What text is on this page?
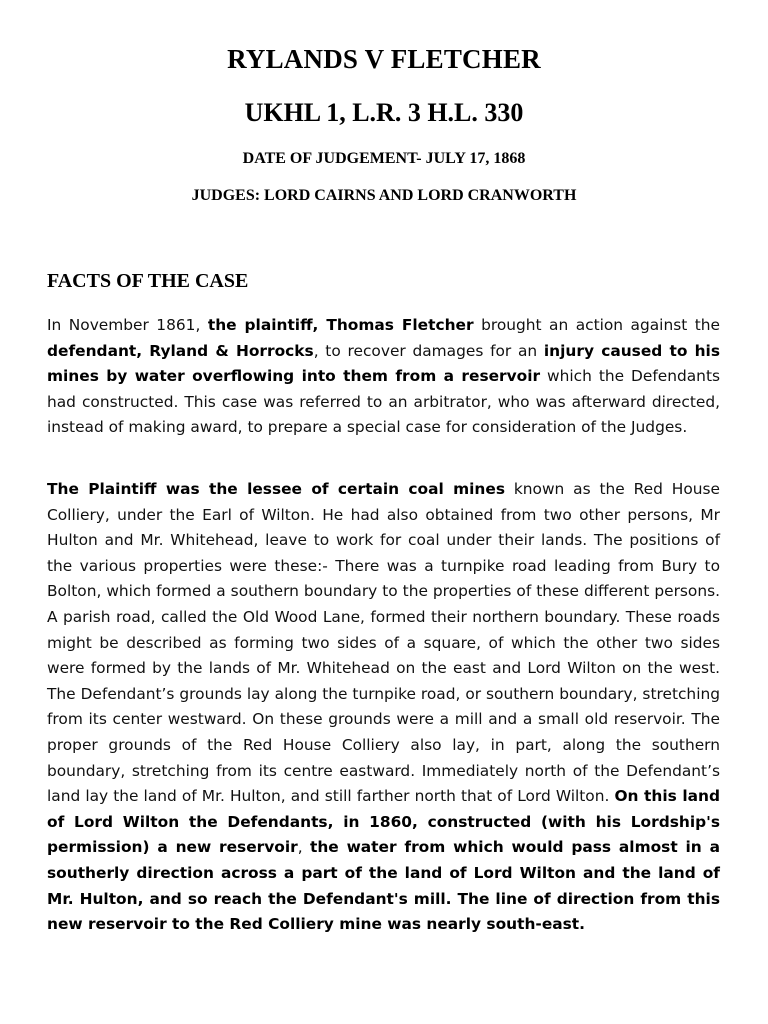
RYLANDS V FLETCHER
UKHL 1, L.R. 3 H.L. 330
DATE OF JUDGEMENT- JULY 17, 1868
JUDGES: LORD CAIRNS AND LORD CRANWORTH
FACTS OF THE CASE

In November 1861, the plaintiff, Thomas Fletcher brought an action against the defendant, Ryland & Horrocks, to recover damages for an injury caused to his mines by water overflowing into them from a reservoir which the Defendants had constructed. This case was referred to an arbitrator, who was afterward directed, instead of making award, to prepare a special case for consideration of the Judges.

The Plaintiff was the lessee of certain coal mines known as the Red House Colliery, under the Earl of Wilton. He had also obtained from two other persons, Mr Hulton and Mr. Whitehead, leave to work for coal under their lands. The positions of the various properties were these:- There was a turnpike road leading from Bury to Bolton, which formed a southern boundary to the properties of these different persons. A parish road, called the Old Wood Lane, formed their northern boundary. These roads might be described as forming two sides of a square, of which the other two sides were formed by the lands of Mr. Whitehead on the east and Lord Wilton on the west. The Defendant’s grounds lay along the turnpike road, or southern boundary, stretching from its center westward. On these grounds were a mill and a small old reservoir. The proper grounds of the Red House Colliery also lay, in part, along the southern boundary, stretching from its centre eastward. Immediately north of the Defendant’s land lay the land of Mr. Hulton, and still farther north that of Lord Wilton. On this land of Lord Wilton the Defendants, in 1860, constructed (with his Lordship's permission) a new reservoir, the water from which would pass almost in a southerly direction across a part of the land of Lord Wilton and the land of Mr. Hulton, and so reach the Defendant's mill. The line of direction from this new reservoir to the Red Colliery mine was nearly south-east.
